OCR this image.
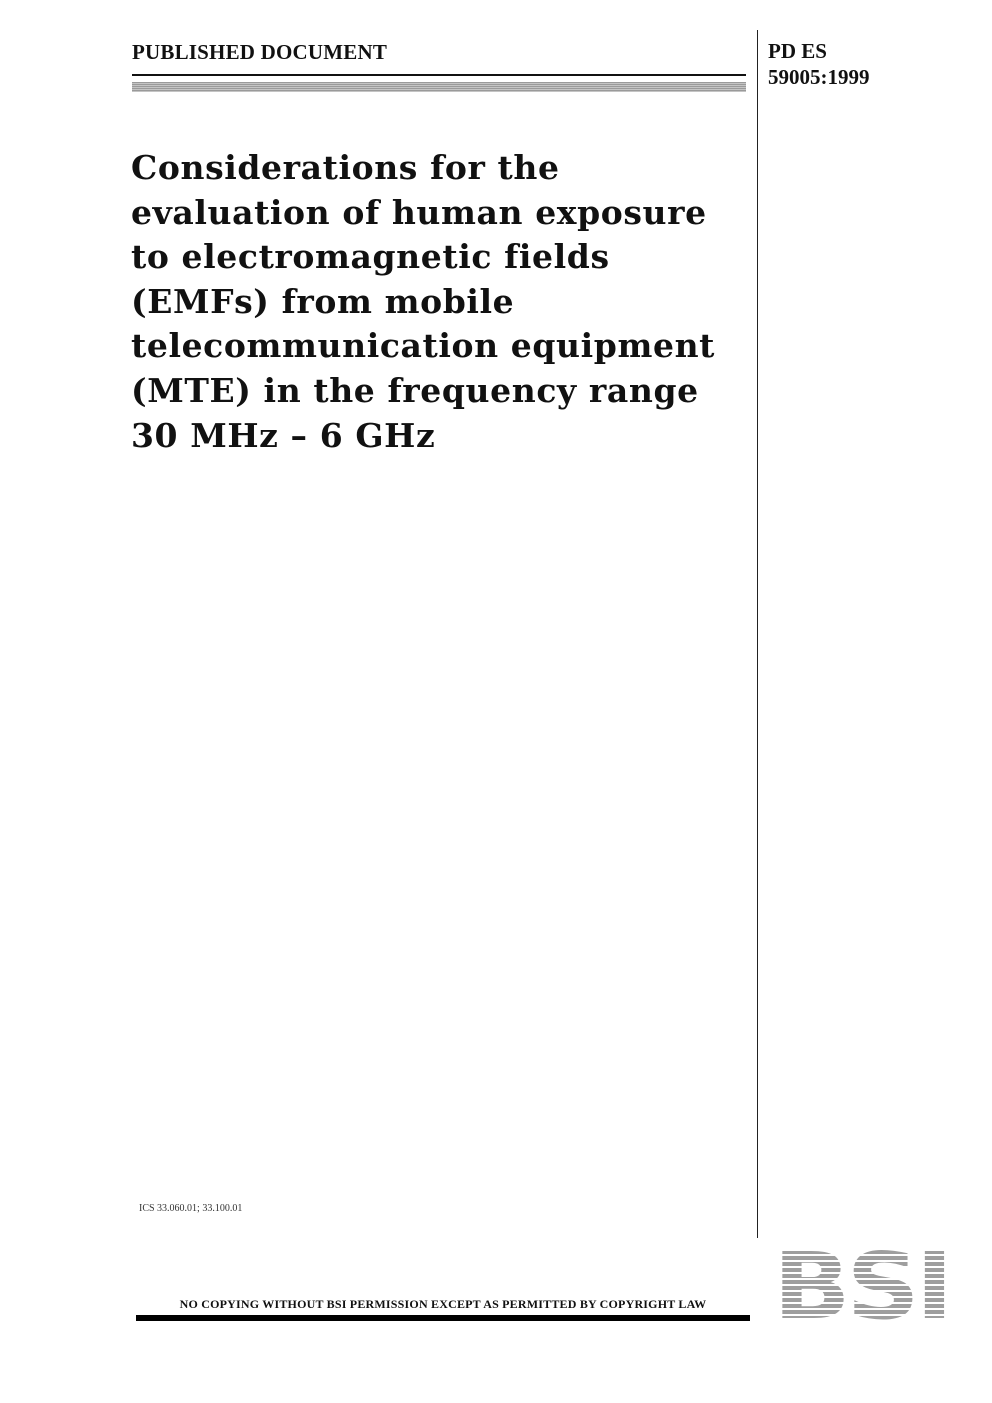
PUBLISHED DOCUMENT	PD ES
59005:1999
Considerations for the
evaluation of human exposure
to electromagnetic fields
(EMFs) from mobile
telecommunication equipment
(MTE) in the frequency range
30 MHz – 6 GHz
ICS 33.060.01; 33.100.01
NO COPYING WITHOUT BSI PERMISSION EXCEPT AS PERMITTED BY COPYRIGHT LAW BSI
